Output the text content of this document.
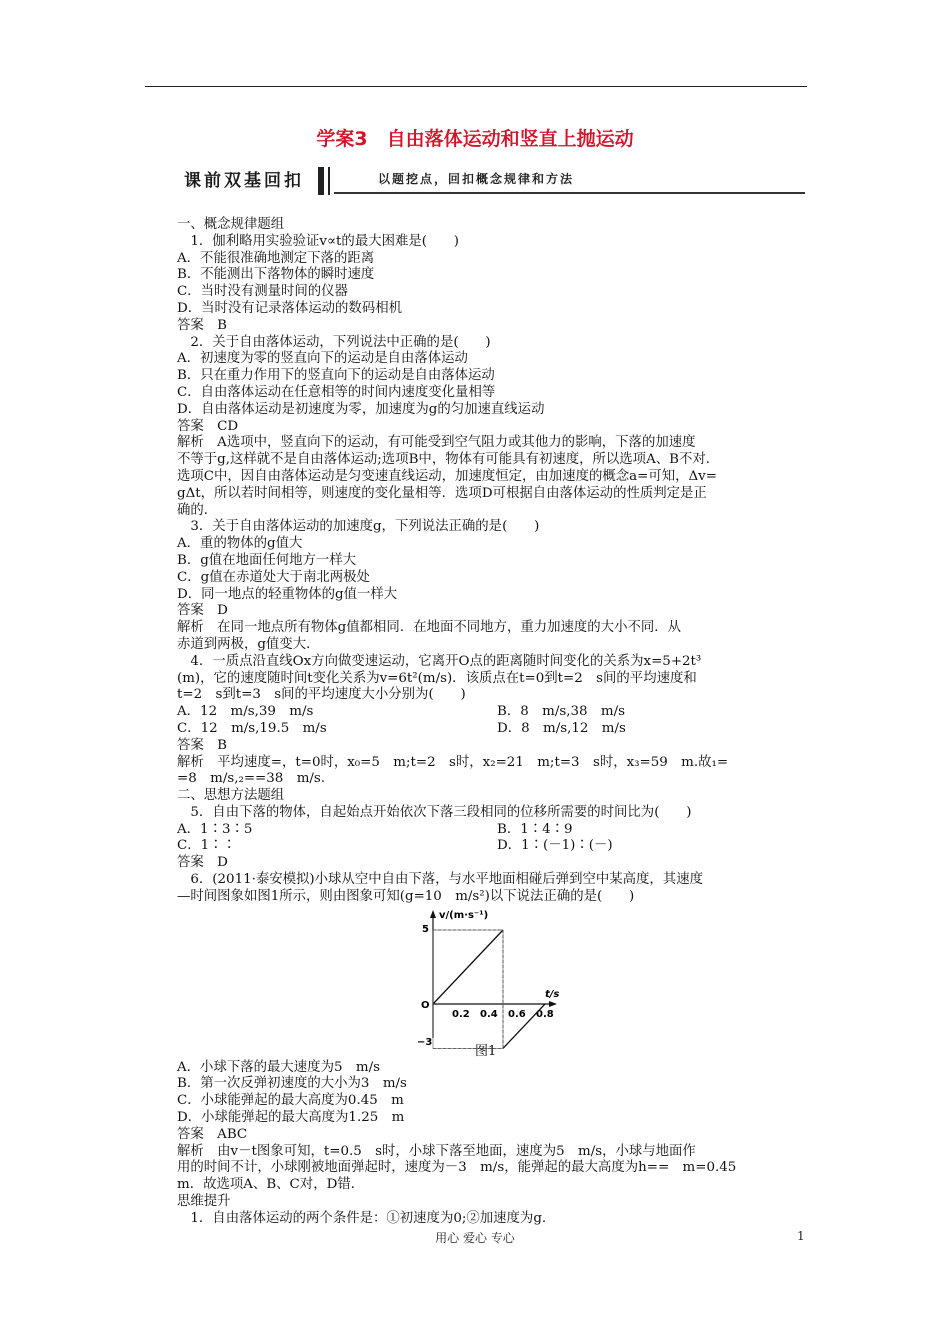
学案3　自由落体运动和竖直上抛运动
课前双基回扣	以题挖点，回扣概念规律和方法

一、概念规律题组

　1．伽利略用实验验证v∝t的最大困难是(　　)

A．不能很准确地测定下落的距离

B．不能测出下落物体的瞬时速度

C．当时没有测量时间的仪器

D．当时没有记录落体运动的数码相机

答案　B

　2．关于自由落体运动，下列说法中正确的是(　　)

A．初速度为零的竖直向下的运动是自由落体运动

B．只在重力作用下的竖直向下的运动是自由落体运动

C．自由落体运动在任意相等的时间内速度变化量相等

D．自由落体运动是初速度为零，加速度为g的匀加速直线运动

答案　CD

解析　A选项中，竖直向下的运动，有可能受到空气阻力或其他力的影响，下落的加速度

不等于g,这样就不是自由落体运动;选项B中，物体有可能具有初速度，所以选项A、B不对.

选项C中，因自由落体运动是匀变速直线运动，加速度恒定，由加速度的概念a=可知，Δv=

gΔt，所以若时间相等，则速度的变化量相等．选项D可根据自由落体运动的性质判定是正

确的．

　3．关于自由落体运动的加速度g，下列说法正确的是(　　)

A．重的物体的g值大

B．g值在地面任何地方一样大

C．g值在赤道处大于南北两极处

D．同一地点的轻重物体的g值一样大

答案　D

解析　在同一地点所有物体g值都相同．在地面不同地方，重力加速度的大小不同．从

赤道到两极，g值变大．

　4．一质点沿直线Ox方向做变速运动，它离开O点的距离随时间变化的关系为x=5+2t³

(m)，它的速度随时间t变化关系为v=6t²(m/s)．该质点在t=0到t=2　s间的平均速度和

t=2　s到t=3　s间的平均速度大小分别为(　　)

A．12　m/s,39　m/s	B．8　m/s,38　m/s
C．12　m/s,19.5　m/s	D．8　m/s,12　m/s

答案　B

解析　平均速度=，t=0时，x₀=5　m;t=2　s时，x₂=21　m;t=3　s时，x₃=59　m.故₁=

=8　m/s,₂==38　m/s.

二、思想方法题组

　5．自由下落的物体，自起始点开始依次下落三段相同的位移所需要的时间比为(　　)

A．1∶3∶5	B．1∶4∶9
C．1∶∶	D．1∶(－1)∶(－)

答案　D

　6．(2011·泰安模拟)小球从空中自由下落，与水平地面相碰后弹到空中某高度，其速度

—时间图象如图1所示，则由图象可知(g=10　m/s²)以下说法正确的是(　　)

v/(m·s⁻¹)
t/s
5
O
−3
0.2 0.4 0.6 0.8
图1

A．小球下落的最大速度为5　m/s

B．第一次反弹初速度的大小为3　m/s

C．小球能弹起的最大高度为0.45　m

D．小球能弹起的最大高度为1.25　m

答案　ABC

解析　由v－t图象可知，t=0.5　s时，小球下落至地面，速度为5　m/s，小球与地面作

用的时间不计，小球刚被地面弹起时，速度为－3　m/s，能弹起的最大高度为h==　m=0.45

m．故选项A、B、C对，D错．

思维提升

　1．自由落体运动的两个条件是：①初速度为0;②加速度为g.

用心 爱心 专心	1
